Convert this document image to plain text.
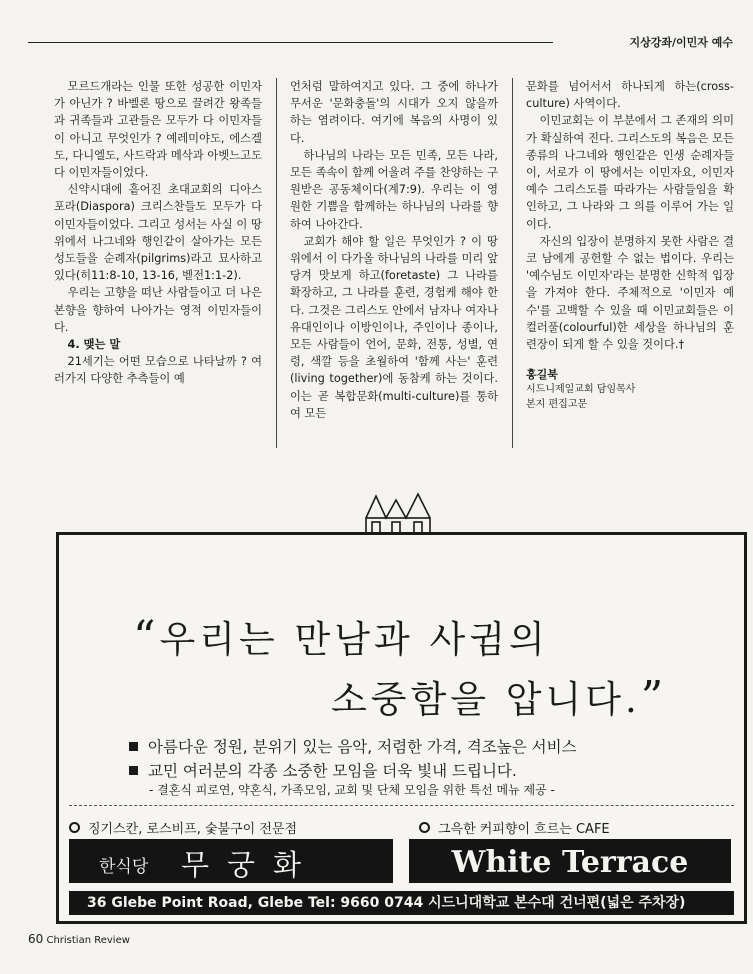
지상강좌/이민자 예수

모르드개라는 인물 또한 성공한 이민자가 아닌가 ? 바벨론 땅으로 끌려간 왕족들과 귀족들과 고관들은 모두가 다 이민자들이 아니고 무엇인가 ? 예레미야도, 에스겔도, 다니엘도, 사드락과 메삭과 아벳느고도 다 이민자들이었다.

신약시대에 흩어진 초대교회의 디아스포라(Diaspora) 크리스찬들도 모두가 다 이민자들이었다. 그리고 성서는 사실 이 땅위에서 나그네와 행인같이 살아가는 모든 성도들을 순례자(pilgrims)라고 묘사하고 있다(히11:8-10, 13-16, 벧전1:1-2).

우리는 고향을 떠난 사람들이고 더 나은 본향을 향하여 나아가는 영적 이민자들이다.

4. 맺는 말

21세기는 어떤 모습으로 나타날까 ? 여러가지 다양한 추측들이 예

언처럼 말하여지고 있다. 그 중에 하나가 무서운 '문화충돌'의 시대가 오지 않을까 하는 염려이다. 여기에 복음의 사명이 있다.

하나님의 나라는 모든 민족, 모든 나라, 모든 족속이 함께 어울려 주를 찬양하는 구원받은 공동체이다(계7:9). 우리는 이 영원한 기쁨을 함께하는 하나님의 나라를 향하여 나아간다.

교회가 해야 할 일은 무엇인가 ? 이 땅 위에서 이 다가올 하나님의 나라를 미리 앞당겨 맛보게 하고(foretaste) 그 나라를 확장하고, 그 나라를 훈련, 경험케 해야 한다. 그것은 그리스도 안에서 남자나 여자나 유대인이나 이방인이나, 주인이나 종이나, 모든 사람들이 언어, 문화, 전통, 성별, 연령, 색깔 등을 초월하여 '함께 사는' 훈련(living together)에 동참케 하는 것이다. 이는 곧 복합문화(multi-culture)를 통하여 모든

문화를 넘어서서 하나되게 하는(cross-culture) 사역이다.

이민교회는 이 부분에서 그 존재의 의미가 확실하여 진다. 그리스도의 복음은 모든 종류의 나그네와 행인같은 인생 순례자들이, 서로가 이 땅에서는 이민자요, 이민자 예수 그리스도를 따라가는 사람들임을 확인하고, 그 나라와 그 의를 이루어 가는 일이다.

자신의 입장이 분명하지 못한 사람은 결코 남에게 공헌할 수 없는 법이다. 우리는 '예수님도 이민자'라는 분명한 신학적 입장을 가져야 한다. 주체적으로 '이민자 예수'를 고백할 수 있을 때 이민교회들은 이 컬러풀(colourful)한 세상을 하나님의 훈련장이 되게 할 수 있을 것이다.†

홍길북
시드니제일교회 담임목사
본지 편집고문
“우리는 만남과 사귐의
소중함을 압니다.”
아름다운 정원, 분위기 있는 음악, 저렴한 가격, 격조높은 서비스
교민 여러분의 각종 소중한 모임을 더욱 빛내 드립니다.
- 결혼식 피로연, 약혼식, 가족모임, 교회 및 단체 모임을 위한 특선 메뉴 제공 -
징기스칸, 로스비프, 숯불구이 전문점	그윽한 커피향이 흐르는 CAFE
한식당 무궁화	White Terrace
36 Glebe Point Road, Glebe Tel: 9660 0744 시드니대학교 본수대 건너편(넓은 주차장)
60 Christian Review
